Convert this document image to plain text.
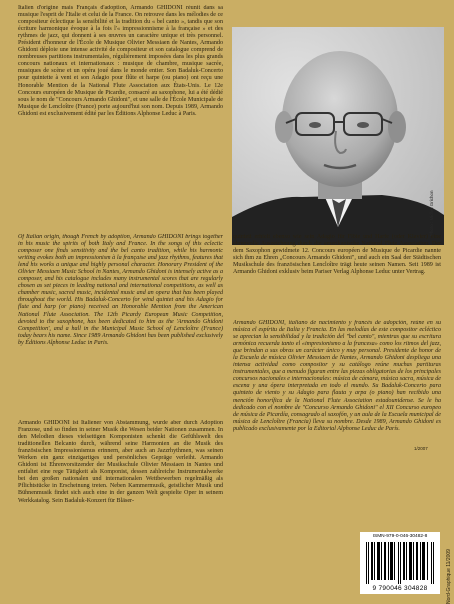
Italien d'origine mais Français d'adoption, Armando GHIDONI réunit dans sa musique l'esprit de l'Italie et celui de la France. On retrouve dans les mélodies de ce compositeur éclectique la sensibilité et la tradition du « bel canto », tandis que son écriture harmonique évoque à la fois l'« impressionnisme à la française » et des rythmes de jazz, qui donnent à ses œuvres un caractère unique et très personnel. Président d'honneur de l'École de Musique Olivier Messiaen de Nantes, Armando Ghidoni déploie une intense activité de compositeur et son catalogue comprend de nombreuses partitions instrumentales, régulièrement imposées dans les plus grands concours nationaux et internationaux : musique de chambre, musique sacrée, musiques de scène et un opéra joué dans le monde entier. Son Badaluk-Concerto pour quintette à vent et son Adagio pour flûte et harpe (ou piano) ont reçu une Honorable Mention de la National Flute Association aux États-Unis. Le 12e Concours européen de Musique de Picardie, consacré au saxophone, lui a été dédié sous le nom de "Concours Armando Ghidoni", et une salle de l'École Municipale de Musique de Lencloître (France) porte aujourd'hui son nom. Depuis 1989, Armando Ghidoni est exclusivement édité par les Éditions Alphonse Leduc à Paris.

Photo : Michel Grichon

Of Italian origin, though French by adoption, Armando GHIDONI brings together in his music the spirits of both Italy and France. In the songs of this eclectic composer one finds sensitivity and the bel canto tradition, while his harmonic writing evokes both an impressionism à la française and jazz rhythms, features that lend his works a unique and highly personal character. Honorary President of the Olivier Messiaen Music School in Nantes, Armando Ghidoni is intensely active as a composer, and his catalogue includes many instrumental scores that are regularly chosen as set pieces in leading national and international competitions, as well as chamber music, sacred music, incidental music and an opera that has been played throughout the world. His Badaluk-Concerto for wind quintet and his Adagio for flute and harp (or piano) received an Honorable Mention from the American National Flute Association. The 12th Picardy European Music Competition, devoted to the saxophone, has been dedicated to him as the 'Armando Ghidoni Competition', and a hall in the Municipal Music School of Lencloître (France) today bears his name. Since 1989 Armando Ghidoni has been published exclusively by Éditions Alphonse Leduc in Paris.

Armando GHIDONI ist Italiener von Abstammung, wurde aber durch Adoption Franzose, und so finden in seiner Musik die Wesen beider Nationen zusammen. In den Melodien dieses vielseitigen Komponisten schenkt die Gefühlswelt des traditionellen Belcanto durch, während seine Harmonien an die Musik des französischen Impressionismus erinnern, aber auch an Jazzrhythmen, was seinen Werken ein ganz einzigartiges und persönliches Gepräge verleiht. Armando Ghidoni ist Ehrenvorsitzender der Musikschule Olivier Messiaen in Nantes und entfaltet eine rege Tätigkeit als Komponist, dessen zahlreiche Instrumentalwerke bei den großen nationalen und internationalen Wettbewerben regelmäßig als Pflichtstücke in Erscheinung treten. Neben Kammermusik, geistlicher Musik und Bühnenmusik findet sich auch eine in der ganzen Welt gespielte Oper in seinem Werkkatalog. Sein Badaluk-Konzert für Bläser-

quintett erhielt ebenso wie sein Adagio für Flöte und Harfe (oder Klavier) eine ehrenvolle Auszeichnung durch die amerikanische National Flute Association. Der dem Saxophon gewidmete 12. Concours européen de Musique de Picardie nannte sich ihm zu Ehren „Concours Armando Ghidoni", und auch ein Saal der Städtischen Musikschule des französischen Lencloître trägt heute seinen Namen. Seit 1989 ist Armando Ghidoni exklusiv beim Pariser Verlag Alphonse Leduc unter Vertrag.

Armando GHIDONI, italiano de nacimiento y francés de adopción, reúne en su música el espíritu de Italia y Francia. En las melodías de este compositor ecléctico se aprecian la sensibilidad y la tradición del "bel canto", mientras que su escritura armónica recuerda tanto el «impresionismo a la francesa» como los ritmos del jazz, que brindan a sus obras un carácter único y muy personal. Presidente de honor de la Escuela de música Olivier Messiaen de Nantes, Armando Ghidoni despliega una intensa actividad como compositor y su catálogo reúne muchas partituras instrumentales, que a menudo figuran entre las piezas obligatorias de los principales concursos nacionales e internacionales: música de cámara, música sacra, música de escena y una ópera interpretada en todo el mundo. Su Badaluk-Concerto para quinteto de viento y su Adagio para flauta y arpa (o piano) han recibido una mención honorífica de la National Flute Association estadounidense. Se le ha dedicado con el nombre de "Concurso Armando Ghidoni" el XII Concurso europeo de música de Picardía, consagrado al saxofón, y un aula de la Escuela municipal de música de Lencloître (Francia) lleva su nombre. Desde 1989, Armando Ghidoni es publicado exclusivamente por la Editorial Alphonse Leduc de París.

1/2007
ISMN-979-0-046-30482-8
9 790046 304828	Nord-Graphique 11/2009
